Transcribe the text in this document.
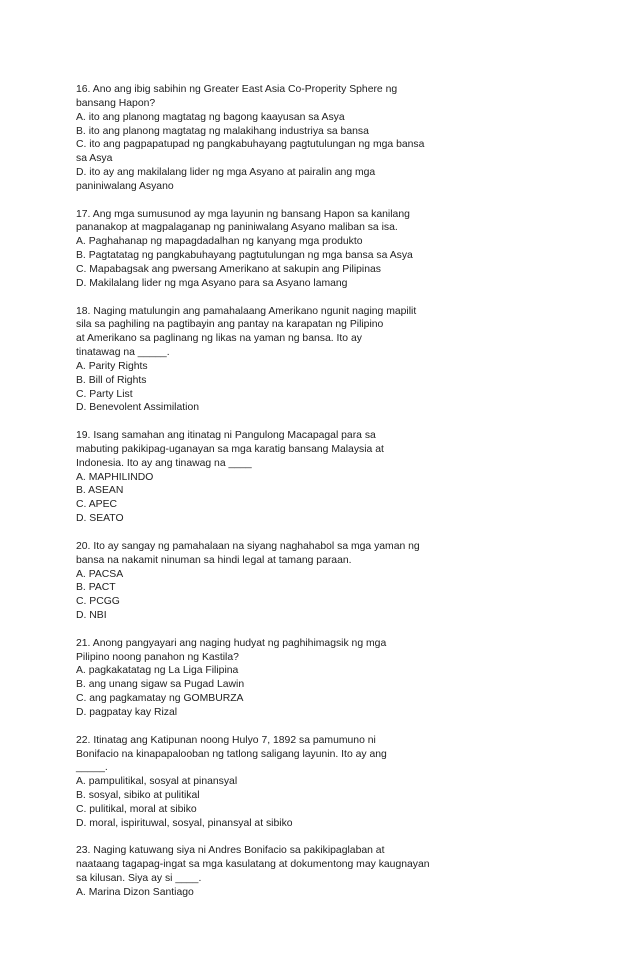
16. Ano ang ibig sabihin ng Greater East Asia Co-Properity Sphere ng
bansang Hapon?
A. ito ang planong magtatag ng bagong kaayusan sa Asya
B. ito ang planong magtatag ng malakihang industriya sa bansa
C. ito ang pagpapatupad ng pangkabuhayang pagtutulungan ng mga bansa
sa Asya
D. ito ay ang makilalang lider ng mga Asyano at pairalin ang mga
paniniwalang Asyano
17. Ang mga sumusunod ay mga layunin ng bansang Hapon sa kanilang
pananakop at magpalaganap ng paniniwalang Asyano maliban sa isa.
A. Paghahanap ng mapagdadalhan ng kanyang mga produkto
B. Pagtatatag ng pangkabuhayang pagtutulungan ng mga bansa sa Asya
C. Mapabagsak ang pwersang Amerikano at sakupin ang Pilipinas
D. Makilalang lider ng mga Asyano para sa Asyano lamang
18. Naging matulungin ang pamahalaang Amerikano ngunit naging mapilit
sila sa paghiling na pagtibayin ang pantay na karapatan ng Pilipino
at Amerikano sa paglinang ng likas na yaman ng bansa. Ito ay
tinatawag na _____.
A. Parity Rights
B. Bill of Rights
C. Party List
D. Benevolent Assimilation
19. Isang samahan ang itinatag ni Pangulong Macapagal para sa
mabuting pakikipag-uganayan sa mga karatig bansang Malaysia at
Indonesia. Ito ay ang tinawag na ____
A. MAPHILINDO
B. ASEAN
C. APEC
D. SEATO
20. Ito ay sangay ng pamahalaan na siyang naghahabol sa mga yaman ng
bansa na nakamit ninuman sa hindi legal at tamang paraan.
A. PACSA
B. PACT
C. PCGG
D. NBI
21. Anong pangyayari ang naging hudyat ng paghihimagsik ng mga
Pilipino noong panahon ng Kastila?
A. pagkakatatag ng La Liga Filipina
B. ang unang sigaw sa Pugad Lawin
C. ang pagkamatay ng GOMBURZA
D. pagpatay kay Rizal
22. Itinatag ang Katipunan noong Hulyo 7, 1892 sa pamumuno ni
Bonifacio na kinapapalooban ng tatlong saligang layunin. Ito ay ang
_____.
A. pampulitikal, sosyal at pinansyal
B. sosyal, sibiko at pulitikal
C. pulitikal, moral at sibiko
D. moral, ispirituwal, sosyal, pinansyal at sibiko
23. Naging katuwang siya ni Andres Bonifacio sa pakikipaglaban at
naataang tagapag-ingat sa mga kasulatang at dokumentong may kaugnayan
sa kilusan. Siya ay si ____.
A. Marina Dizon Santiago
